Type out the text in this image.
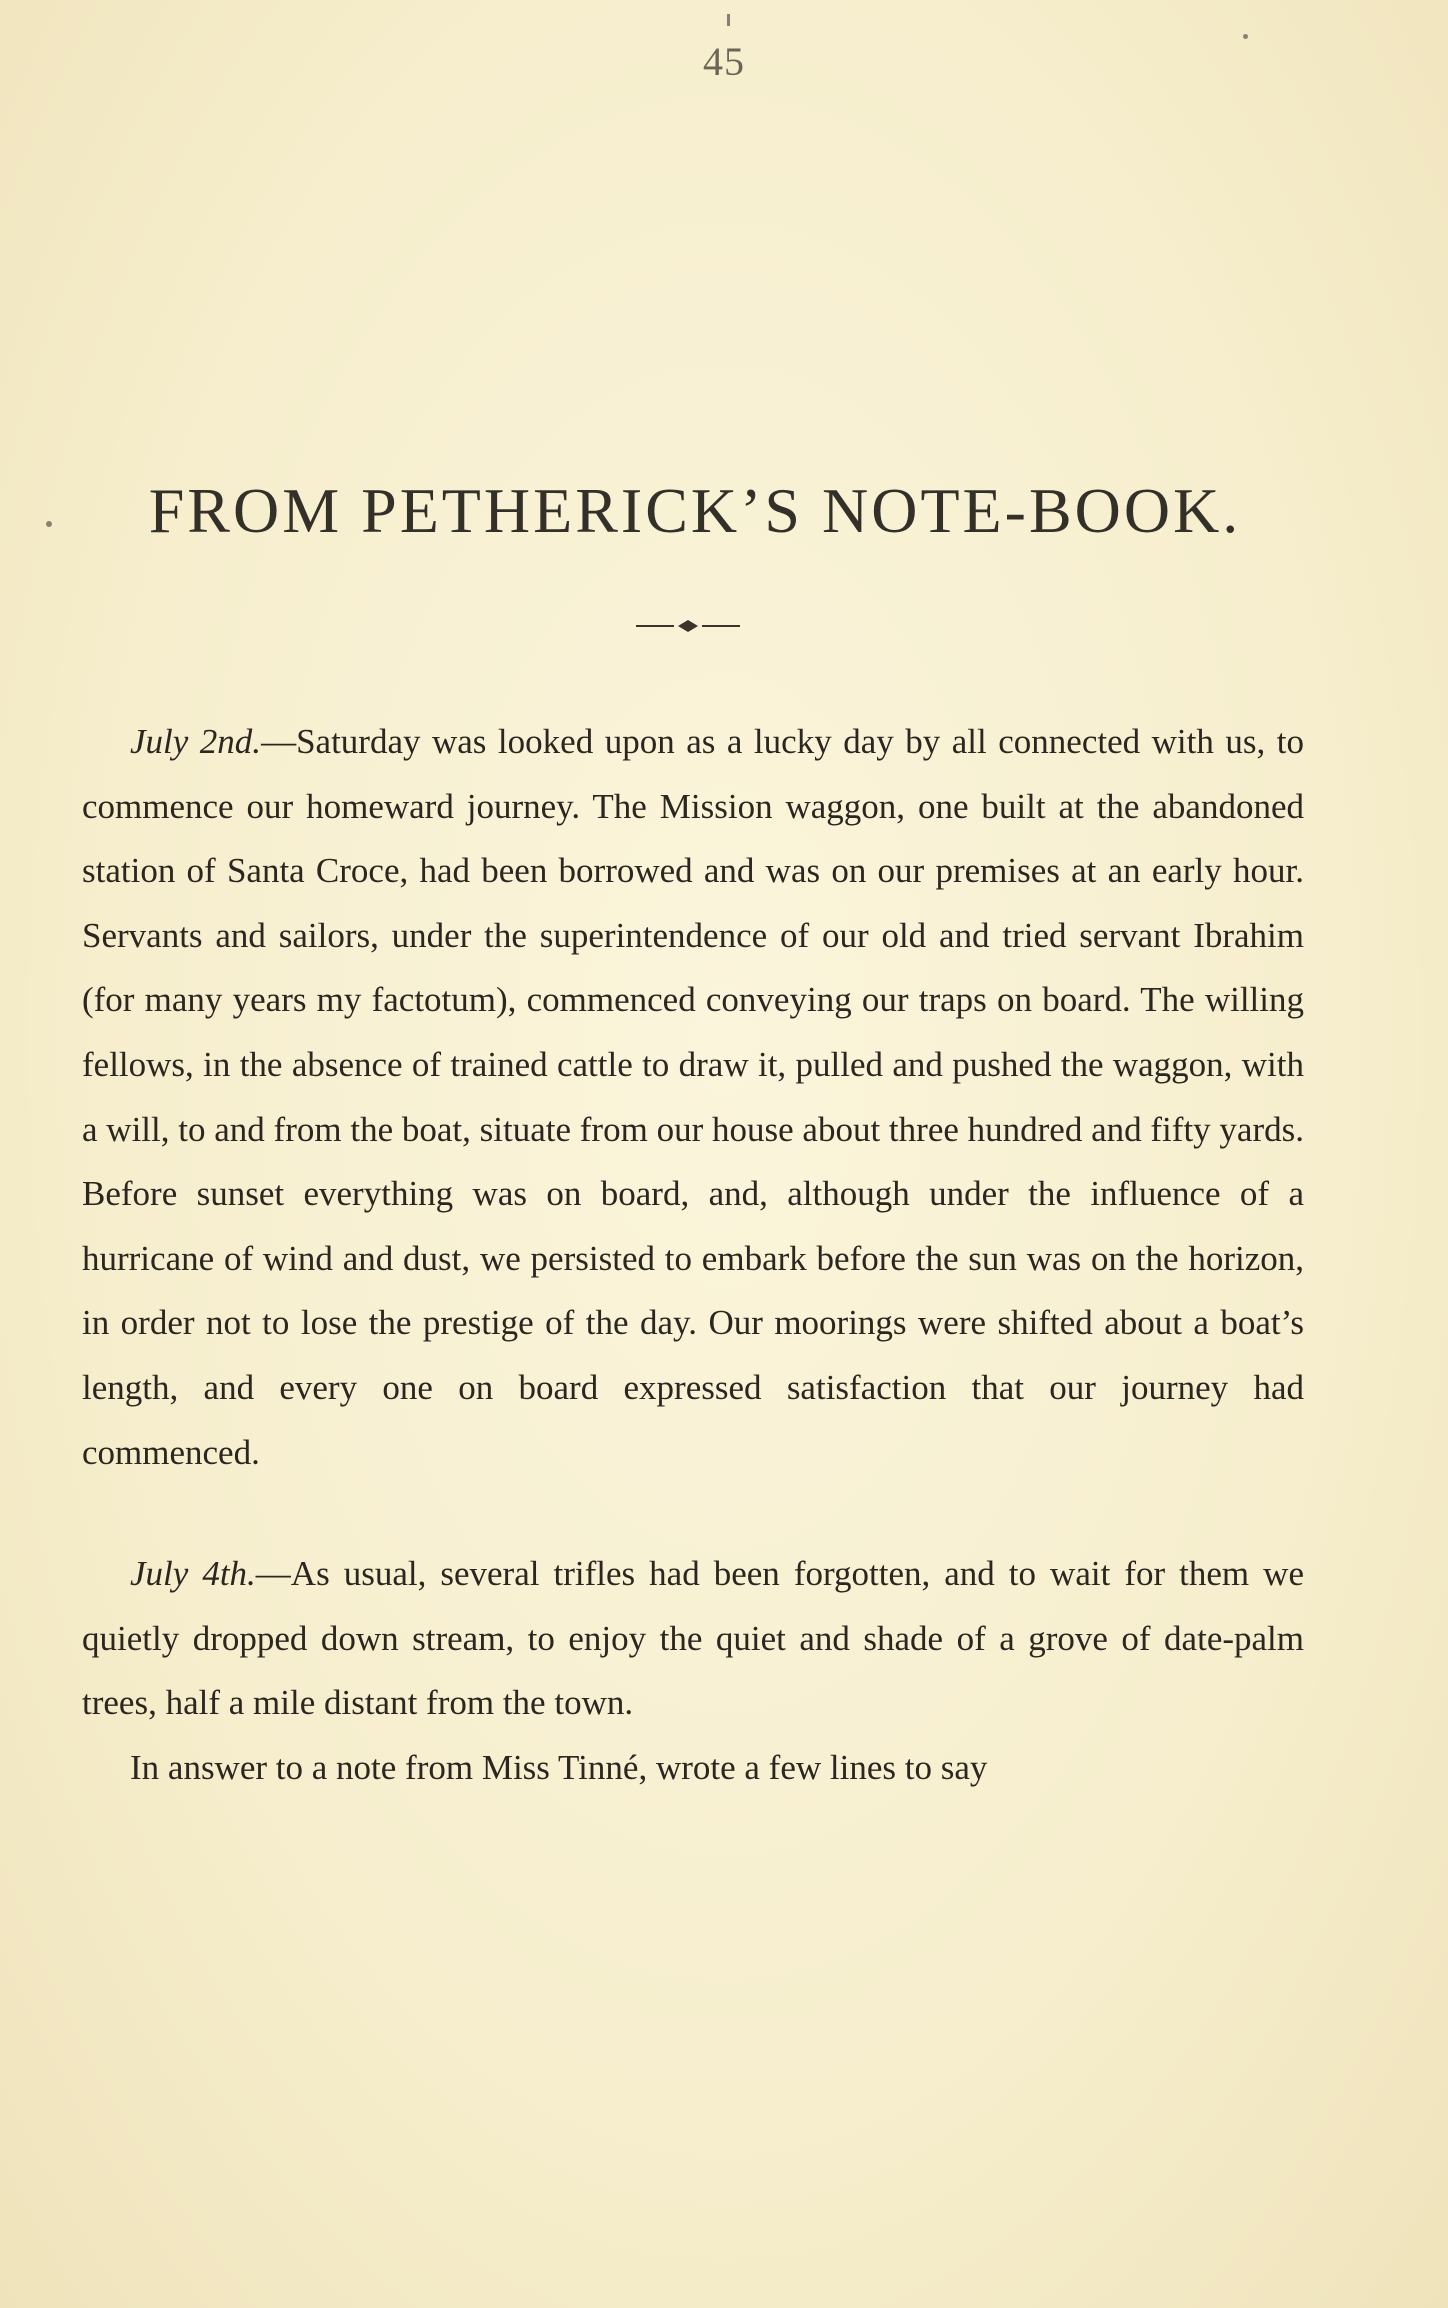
45
FROM PETHERICK’S NOTE-BOOK.

July 2nd.—Saturday was looked upon as a lucky day by all connected with us, to commence our homeward journey. The Mission waggon, one built at the abandoned station of Santa Croce, had been borrowed and was on our premises at an early hour. Servants and sailors, under the superintendence of our old and tried servant Ibrahim (for many years my factotum), commenced conveying our traps on board. The willing fellows, in the absence of trained cattle to draw it, pulled and pushed the waggon, with a will, to and from the boat, situate from our house about three hundred and fifty yards. Before sunset everything was on board, and, although under the influence of a hurricane of wind and dust, we persisted to embark before the sun was on the horizon, in order not to lose the prestige of the day. Our moorings were shifted about a boat’s length, and every one on board expressed satisfaction that our journey had commenced.

July 4th.—As usual, several trifles had been forgotten, and to wait for them we quietly dropped down stream, to enjoy the quiet and shade of a grove of date-palm trees, half a mile distant from the town.

In answer to a note from Miss Tinné, wrote a few lines to say
